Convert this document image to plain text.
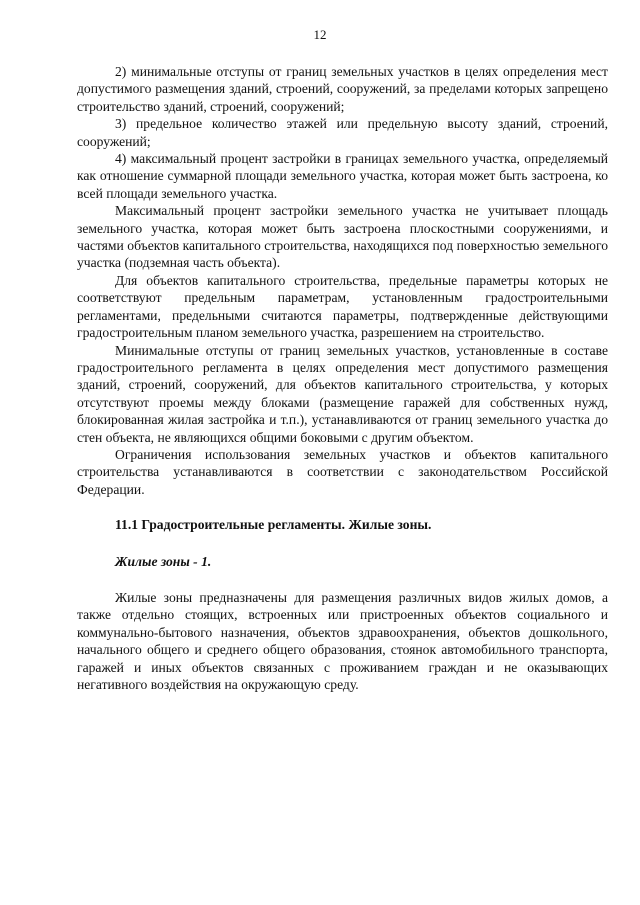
12

2) минимальные отступы от границ земельных участков в целях определения мест допустимого размещения зданий, строений, сооружений, за пределами которых запрещено строительство зданий, строений, сооружений;

3) предельное количество этажей или предельную высоту зданий, строений, сооружений;

4) максимальный процент застройки в границах земельного участка, определяемый как отношение суммарной площади земельного участка, которая может быть застроена, ко всей площади земельного участка.

Максимальный процент застройки земельного участка не учитывает площадь земельного участка, которая может быть застроена плоскостными сооружениями, и частями объектов капитального строительства, находящихся под поверхностью земельного участка (подземная часть объекта).

Для объектов капитального строительства, предельные параметры которых не соответствуют предельным параметрам, установленным градостроительными регламентами, предельными считаются параметры, подтвержденные действующими градостроительным планом земельного участка, разрешением на строительство.

Минимальные отступы от границ земельных участков, установленные в составе градостроительного регламента в целях определения мест допустимого размещения зданий, строений, сооружений, для объектов капитального строительства, у которых отсутствуют проемы между блоками (размещение гаражей для собственных нужд, блокированная жилая застройка и т.п.), устанавливаются от границ земельного участка до стен объекта, не являющихся общими боковыми с другим объектом.

Ограничения использования земельных участков и объектов капитального строительства устанавливаются в соответствии с законодательством Российской Федерации.

11.1 Градостроительные регламенты. Жилые зоны.

Жилые зоны - 1.

Жилые зоны предназначены для размещения различных видов жилых домов, а также отдельно стоящих, встроенных или пристроенных объектов социального и коммунально-бытового назначения, объектов здравоохранения, объектов дошкольного, начального общего и среднего общего образования, стоянок автомобильного транспорта, гаражей и иных объектов связанных с проживанием граждан и не оказывающих негативного воздействия на окружающую среду.
